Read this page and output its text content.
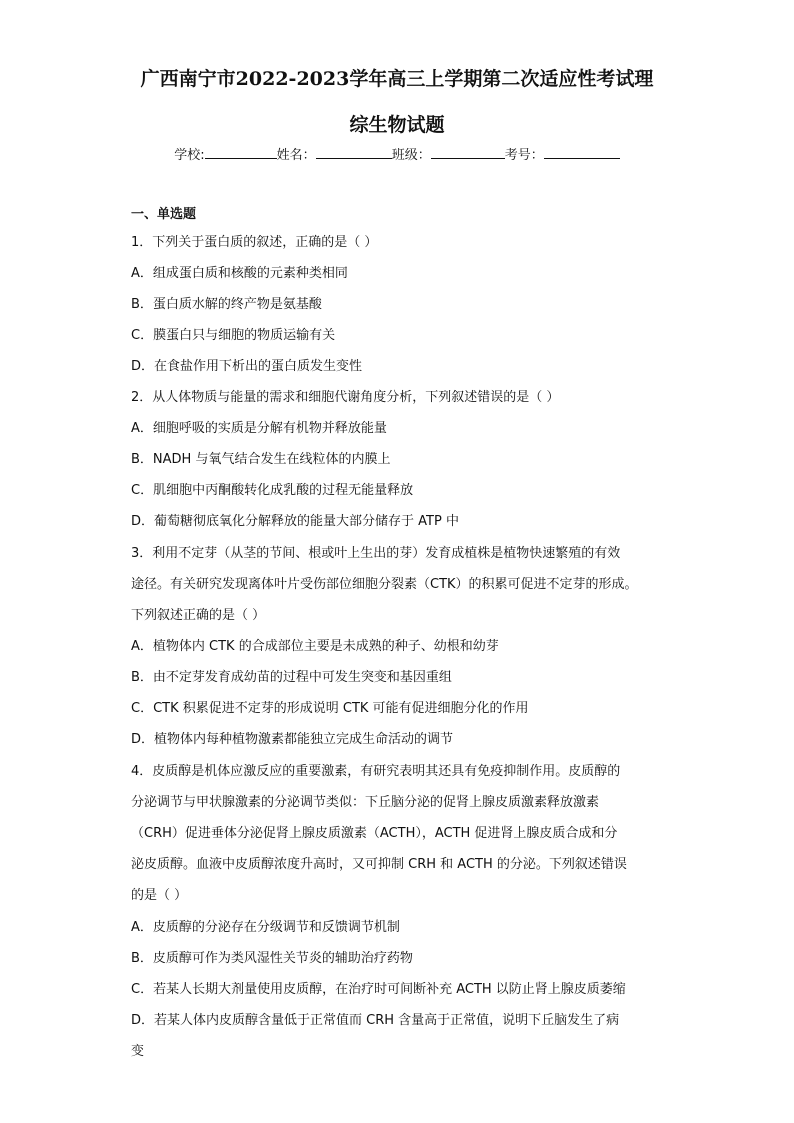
广西南宁市2022-2023学年高三上学期第二次适应性考试理
综生物试题
学校:	姓名：	班级：	考号：
一、单选题
1．下列关于蛋白质的叙述，正确的是（ ）
A．组成蛋白质和核酸的元素种类相同
B．蛋白质水解的终产物是氨基酸
C．膜蛋白只与细胞的物质运输有关
D．在食盐作用下析出的蛋白质发生变性
2．从人体物质与能量的需求和细胞代谢角度分析，下列叙述错误的是（ ）
A．细胞呼吸的实质是分解有机物并释放能量
B．NADH 与氧气结合发生在线粒体的内膜上
C．肌细胞中丙酮酸转化成乳酸的过程无能量释放
D．葡萄糖彻底氧化分解释放的能量大部分储存于 ATP 中
3．利用不定芽（从茎的节间、根或叶上生出的芽）发育成植株是植物快速繁殖的有效
途径。有关研究发现离体叶片受伤部位细胞分裂素（CTK）的积累可促进不定芽的形成。
下列叙述正确的是（ ）
A．植物体内 CTK 的合成部位主要是未成熟的种子、幼根和幼芽
B．由不定芽发育成幼苗的过程中可发生突变和基因重组
C．CTK 积累促进不定芽的形成说明 CTK 可能有促进细胞分化的作用
D．植物体内每种植物激素都能独立完成生命活动的调节
4．皮质醇是机体应激反应的重要激素，有研究表明其还具有免疫抑制作用。皮质醇的
分泌调节与甲状腺激素的分泌调节类似：下丘脑分泌的促肾上腺皮质激素释放激素
（CRH）促进垂体分泌促肾上腺皮质激素（ACTH），ACTH 促进肾上腺皮质合成和分
泌皮质醇。血液中皮质醇浓度升高时，又可抑制 CRH 和 ACTH 的分泌。下列叙述错误
的是（ ）
A．皮质醇的分泌存在分级调节和反馈调节机制
B．皮质醇可作为类风湿性关节炎的辅助治疗药物
C．若某人长期大剂量使用皮质醇，在治疗时可间断补充 ACTH 以防止肾上腺皮质萎缩
D．若某人体内皮质醇含量低于正常值而 CRH 含量高于正常值，说明下丘脑发生了病
变
